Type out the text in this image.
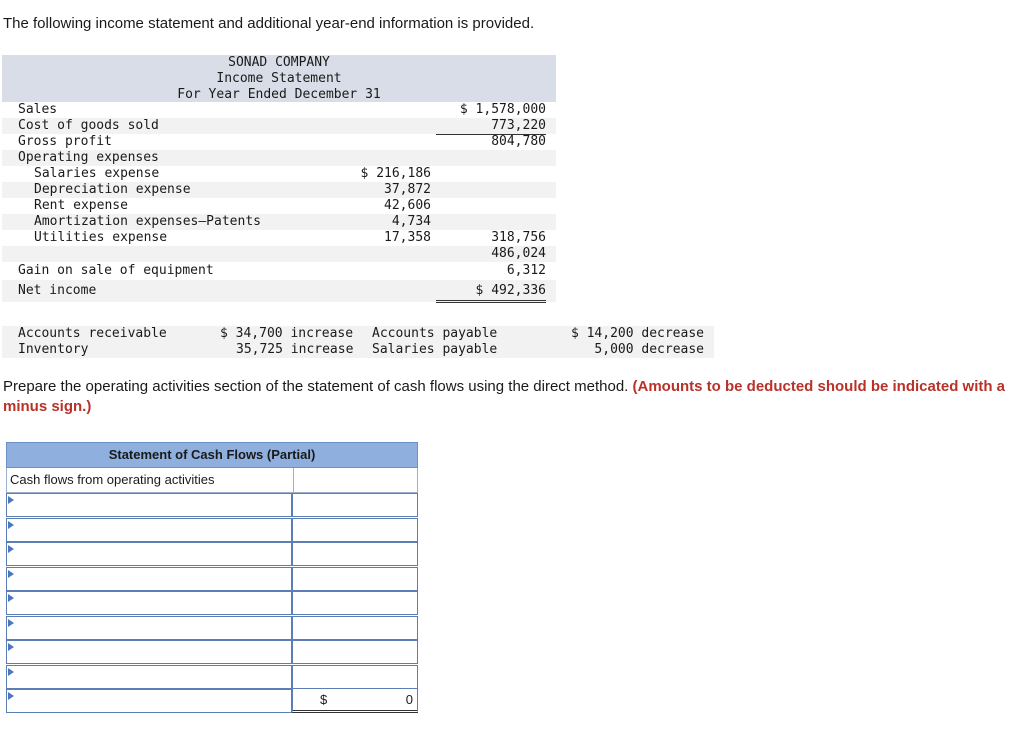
The following income statement and additional year-end information is provided.
SONAD COMPANY
Income Statement
For Year Ended December 31
Sales	$ 1,578,000
Cost of goods sold	773,220
Gross profit	804,780
Operating expenses
Salaries expense	$ 216,186
Depreciation expense	37,872
Rent expense	42,606
Amortization expenses—Patents	4,734
Utilities expense	17,358	318,756
486,024
Gain on sale of equipment	6,312
Net income	$ 492,336
Accounts receivable	$ 34,700 increase Accounts payable	$ 14,200 decrease
Inventory	35,725 increase Salaries payable	5,000 decrease
Prepare the operating activities section of the statement of cash flows using the direct method. (Amounts to be deducted should be indicated with a minus sign.)
Statement of Cash Flows (Partial)
Cash flows from operating activities
$	0
